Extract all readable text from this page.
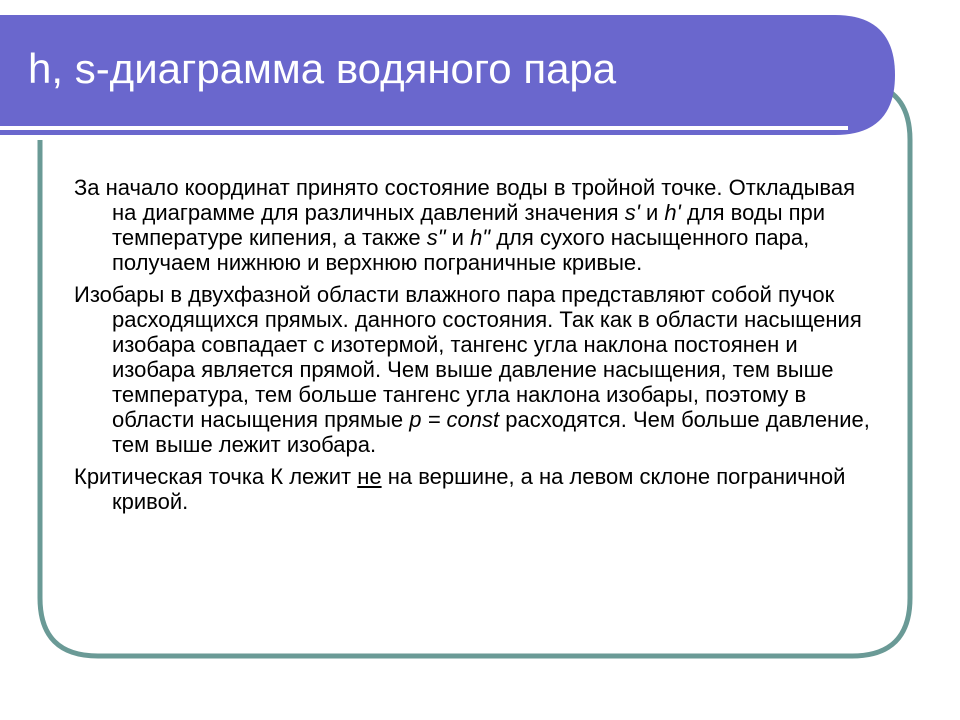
h, s-диаграмма водяного пара

За начало координат принято состояние воды в тройной точке. Откладывая на диаграмме для различных давлений значения s' и h' для воды при температуре кипения, а также s" и h" для сухого насыщенного пара, получаем нижнюю и верхнюю пограничные кривые.

Изобары в двухфазной области влажного пара представляют собой пучок расходящихся прямых. данного состояния. Так как в области насыщения изобара совпадает с изотермой, тангенс угла наклона постоянен и изобара является прямой. Чем выше давление насыщения, тем выше температура, тем больше тангенс угла наклона изобары, поэтому в области насыщения прямые p = const расходятся. Чем больше давление, тем выше лежит изобара.

Критическая точка К лежит не на вершине, а на левом склоне пограничной кривой.
